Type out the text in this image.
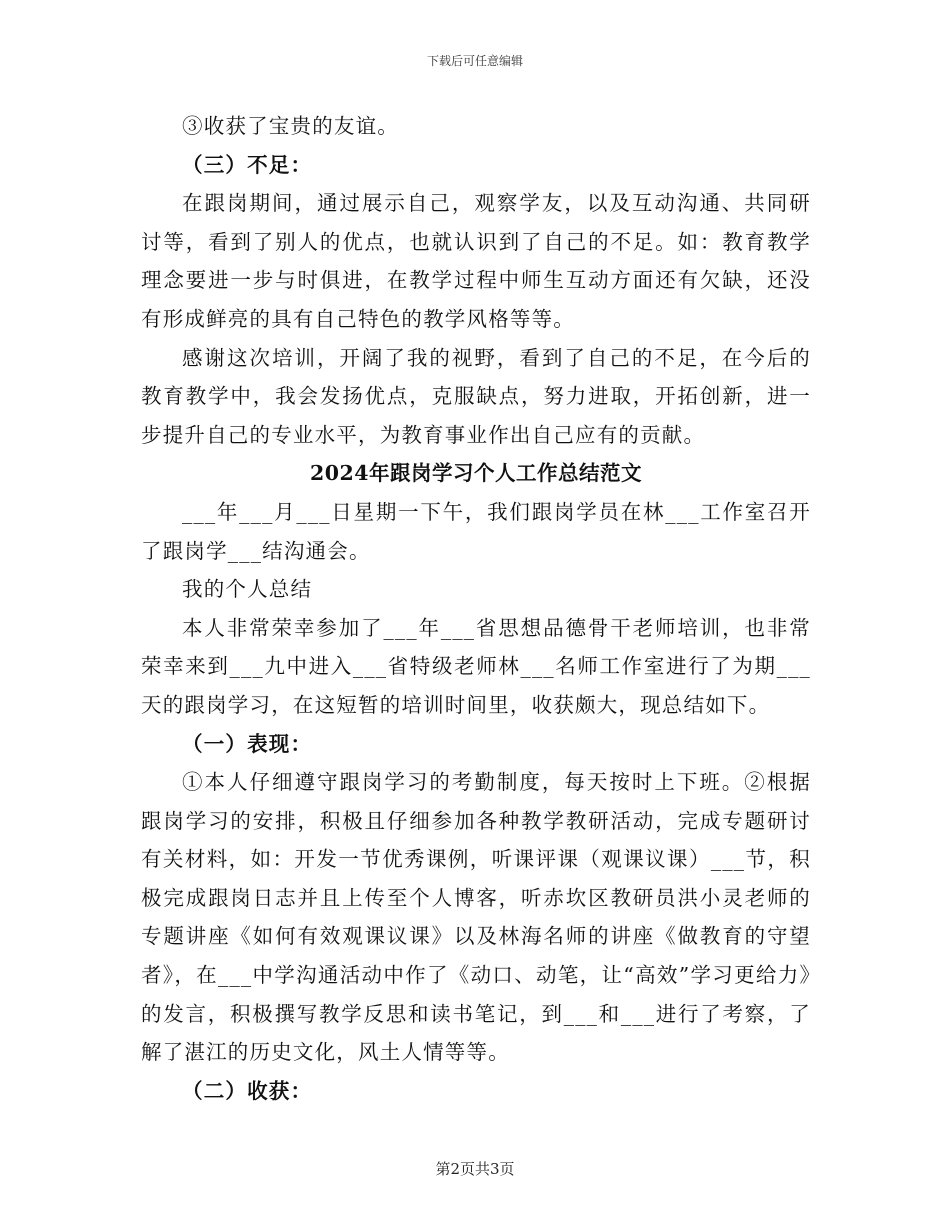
下载后可任意编辑

③收获了宝贵的友谊。

（三）不足：

在跟岗期间，通过展示自己，观察学友，以及互动沟通、共同研讨等，看到了别人的优点，也就认识到了自己的不足。如：教育教学理念要进一步与时俱进，在教学过程中师生互动方面还有欠缺，还没有形成鲜亮的具有自己特色的教学风格等等。

感谢这次培训，开阔了我的视野，看到了自己的不足，在今后的教育教学中，我会发扬优点，克服缺点，努力进取，开拓创新，进一步提升自己的专业水平，为教育事业作出自己应有的贡献。

2024年跟岗学习个人工作总结范文

___年___月___日星期一下午，我们跟岗学员在林___工作室召开了跟岗学___结沟通会。

我的个人总结

本人非常荣幸参加了___年___省思想品德骨干老师培训，也非常荣幸来到___九中进入___省特级老师林___名师工作室进行了为期___天的跟岗学习，在这短暂的培训时间里，收获颇大，现总结如下。

（一）表现：

①本人仔细遵守跟岗学习的考勤制度，每天按时上下班。②根据跟岗学习的安排，积极且仔细参加各种教学教研活动，完成专题研讨有关材料，如：开发一节优秀课例，听课评课（观课议课）___节，积极完成跟岗日志并且上传至个人博客，听赤坎区教研员洪小灵老师的专题讲座《如何有效观课议课》以及林海名师的讲座《做教育的守望者》，在___中学沟通活动中作了《动口、动笔，让“高效”学习更给力》的发言，积极撰写教学反思和读书笔记，到___和___进行了考察，了解了湛江的历史文化，风土人情等等。

（二）收获：

第2页共3页
